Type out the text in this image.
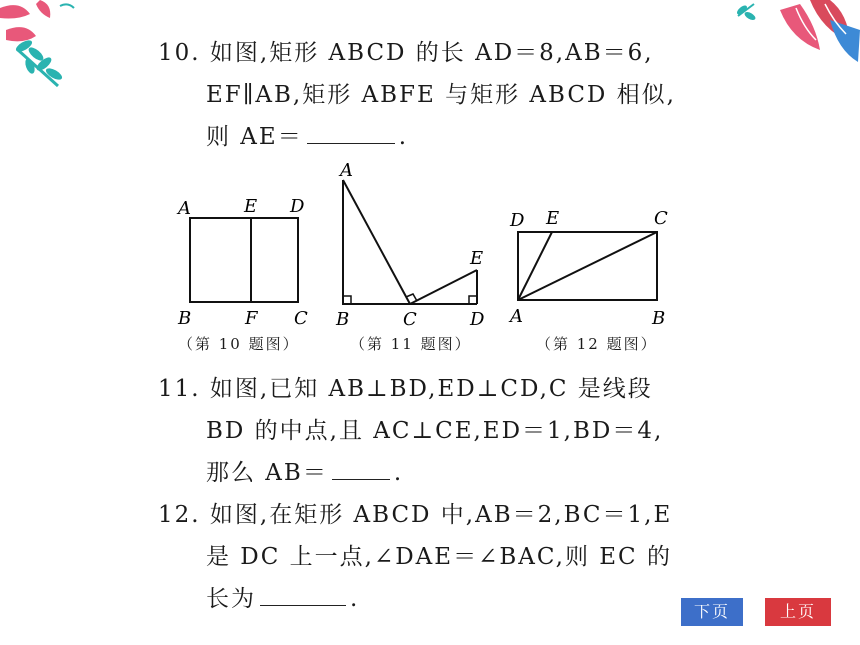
10. 如图,矩形 ABCD 的长 AD＝8,AB＝6,
EF∥AB,矩形 ABFE 与矩形 ABCD 相似,
则 AE＝	.
A	E D
B	F C
（第 10 题图）
A
B	C	D
E
（第 11 题图）
D E	C
A	B
（第 12 题图）
11. 如图,已知 AB⊥BD,ED⊥CD,C 是线段
BD 的中点,且 AC⊥CE,ED＝1,BD＝4,
那么 AB＝	.
12. 如图,在矩形 ABCD 中,AB＝2,BC＝1,E
是 DC 上一点,∠DAE＝∠BAC,则 EC 的
长为	.	下页	上页
